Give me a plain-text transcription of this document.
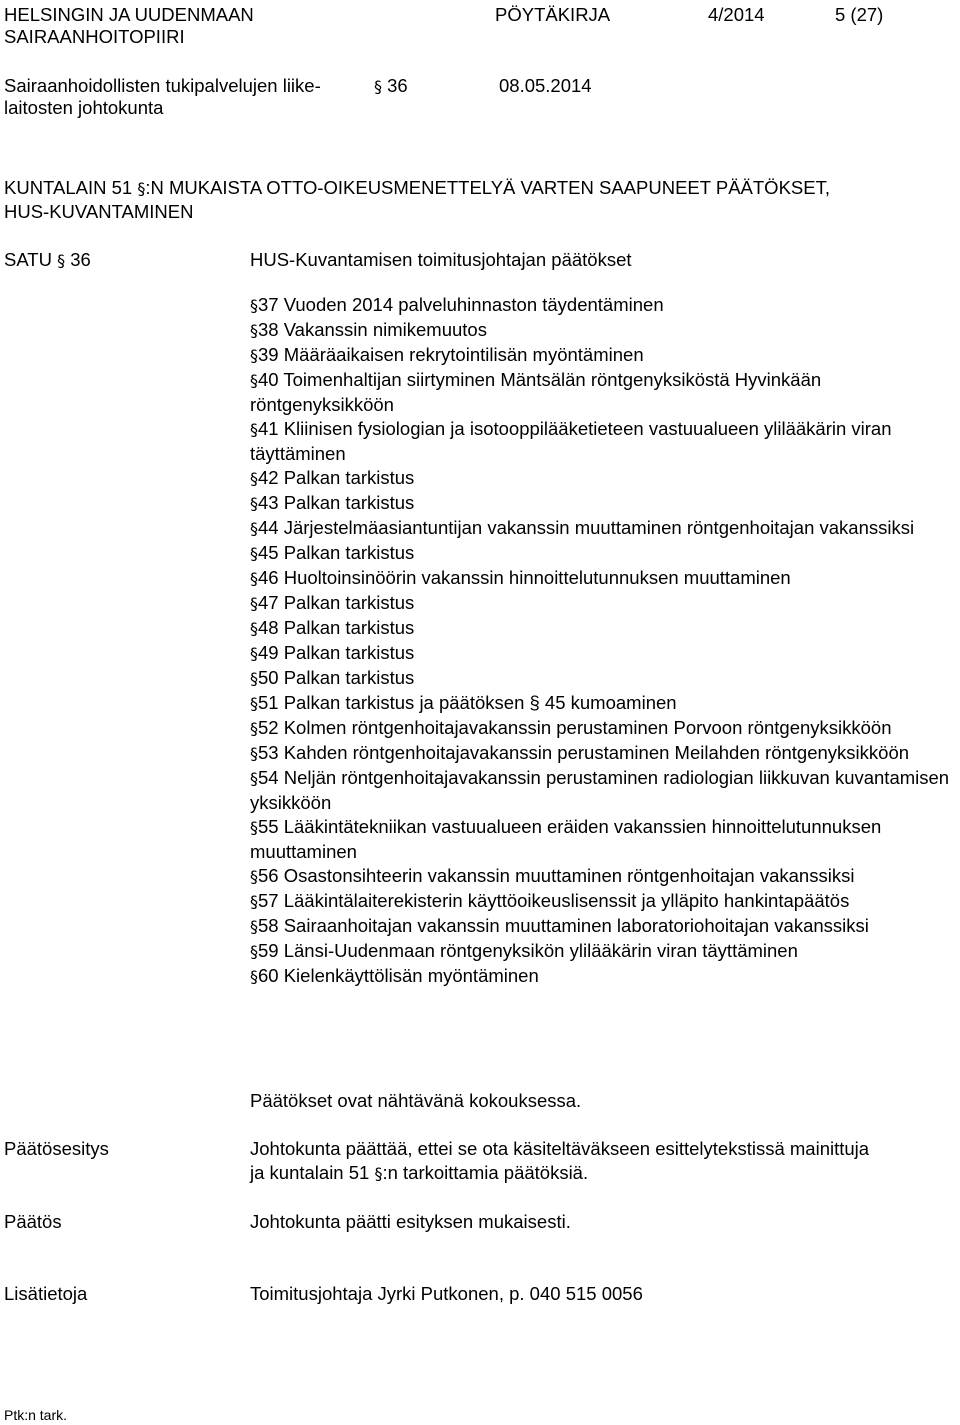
HELSINGIN JA UUDENMAAN
SAIRAANHOITOPIIRI
PÖYTÄKIRJA	4/2014	5 (27)
Sairaanhoidollisten tukipalvelujen liike-
laitosten johtokunta
§ 36	08.05.2014
KUNTALAIN 51 §:N MUKAISTA OTTO-OIKEUSMENETTELYÄ VARTEN SAAPUNEET PÄÄTÖKSET,
HUS-KUVANTAMINEN
SATU § 36	HUS-Kuvantamisen toimitusjohtajan päätökset
§37 Vuoden 2014 palveluhinnaston täydentäminen
§38 Vakanssin nimikemuutos
§39 Määräaikaisen rekrytointilisän myöntäminen
§40 Toimenhaltijan siirtyminen Mäntsälän röntgenyksiköstä Hyvinkään röntgenyksikköön
§41 Kliinisen fysiologian ja isotooppilääketieteen vastuualueen ylilääkärin viran täyttäminen
§42 Palkan tarkistus
§43 Palkan tarkistus
§44 Järjestelmäasiantuntijan vakanssin muuttaminen röntgenhoitajan vakanssiksi
§45 Palkan tarkistus
§46 Huoltoinsinöörin vakanssin hinnoittelutunnuksen muuttaminen
§47 Palkan tarkistus
§48 Palkan tarkistus
§49 Palkan tarkistus
§50 Palkan tarkistus
§51 Palkan tarkistus ja päätöksen § 45 kumoaminen
§52 Kolmen röntgenhoitajavakanssin perustaminen Porvoon röntgenyksikköön
§53 Kahden röntgenhoitajavakanssin perustaminen Meilahden röntgenyksikköön
§54 Neljän röntgenhoitajavakanssin perustaminen radiologian liikkuvan kuvantamisen yksikköön
§55 Lääkintätekniikan vastuualueen eräiden vakanssien hinnoittelutunnuksen muuttaminen
§56 Osastonsihteerin vakanssin muuttaminen röntgenhoitajan vakanssiksi
§57 Lääkintälaiterekisterin käyttöoikeuslisenssit ja ylläpito hankintapäätös
§58 Sairaanhoitajan vakanssin muuttaminen laboratoriohoitajan vakanssiksi
§59 Länsi-Uudenmaan röntgenyksikön ylilääkärin viran täyttäminen
§60 Kielenkäyttölisän myöntäminen
Päätökset ovat nähtävänä kokouksessa.
Päätösesitys	Johtokunta päättää, ettei se ota käsiteltäväkseen esittelytekstissä mainittuja
ja kuntalain 51 §:n tarkoittamia päätöksiä.
Päätös	Johtokunta päätti esityksen mukaisesti.
Lisätietoja	Toimitusjohtaja Jyrki Putkonen, p. 040 515 0056
Ptk:n tark.
